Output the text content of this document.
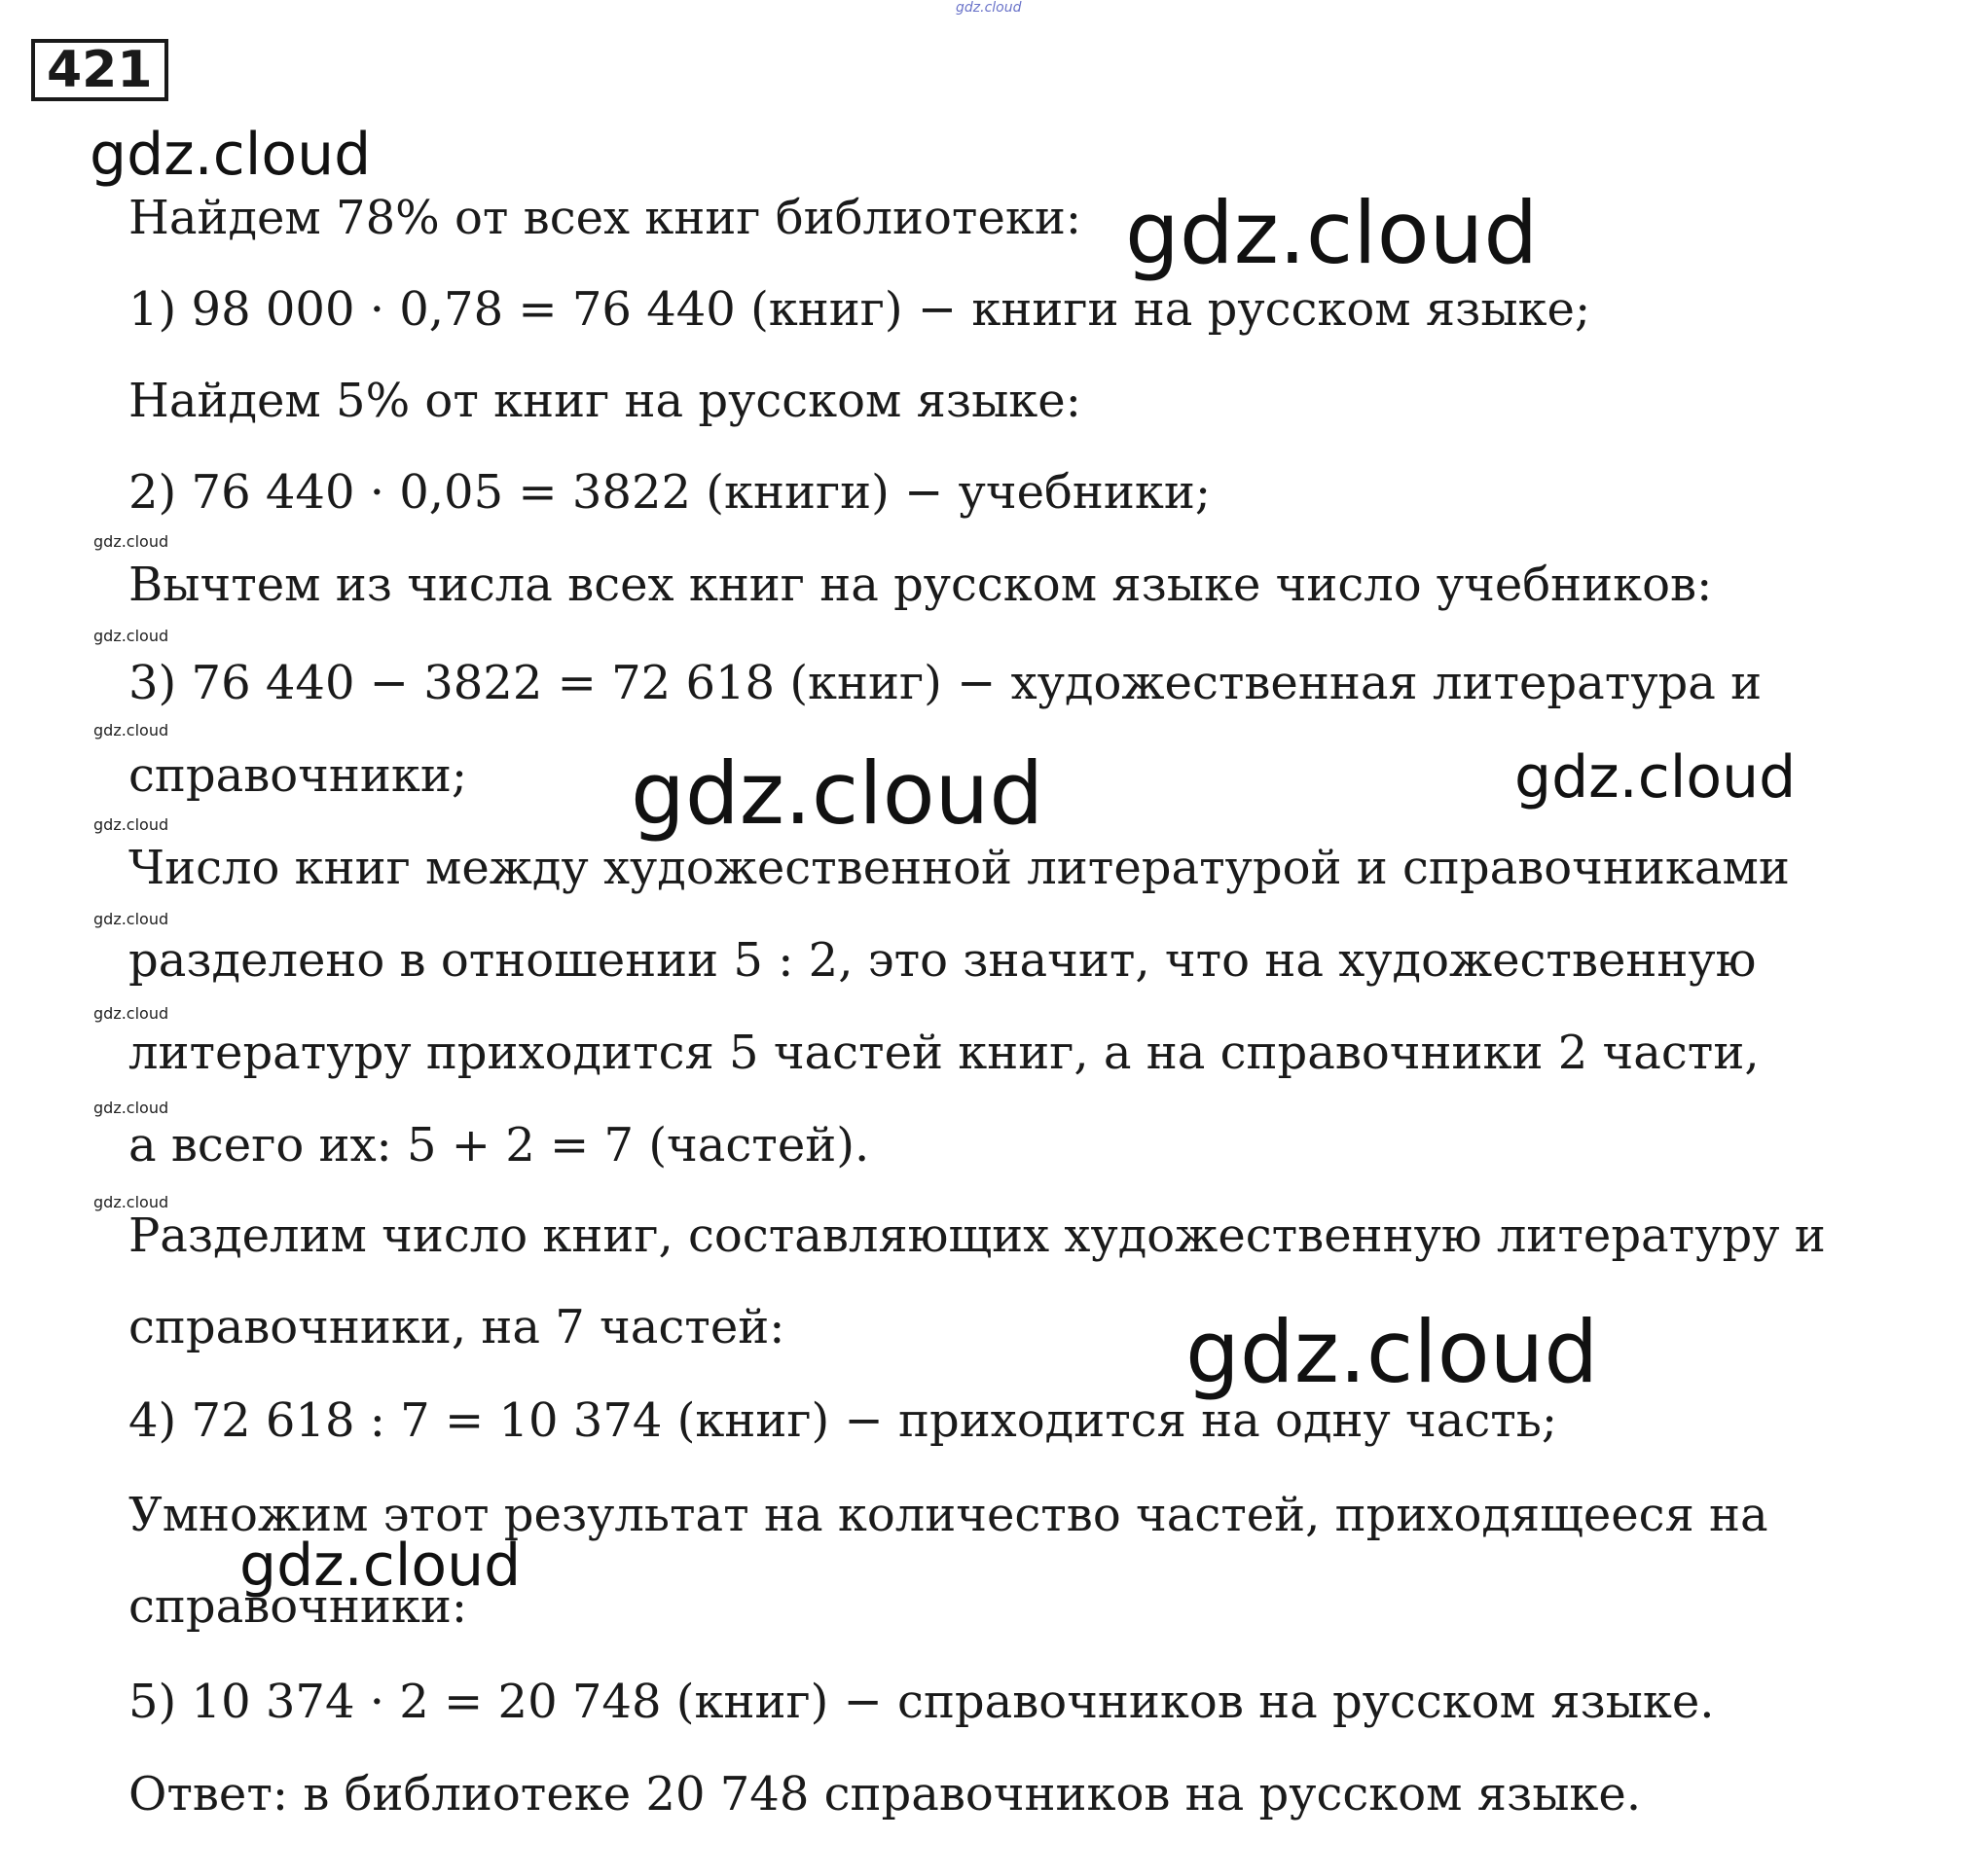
gdz.cloud
421
gdz.cloud
gdz.cloud
gdz.cloud	gdz.cloud
gdz.cloud
gdz.cloud
gdz.cloud
gdz.cloud
gdz.cloud
gdz.cloud
gdz.cloud
gdz.cloud
gdz.cloud
gdz.cloud
Найдем 78% от всех книг библиотеки:
1) 98 000 · 0,78 = 76 440 (книг) − книги на русском языке;
Найдем 5% от книг на русском языке:
2) 76 440 · 0,05 = 3822 (книги) − учебники;
Вычтем из числа всех книг на русском языке число учебников:
3) 76 440 − 3822 = 72 618 (книг) − художественная литература и
справочники;
Число книг между художественной литературой и справочниками
разделено в отношении 5 : 2, это значит, что на художественную
литературу приходится 5 частей книг, а на справочники 2 части,
а всего их: 5 + 2 = 7 (частей).
Разделим число книг, составляющих художественную литературу и
справочники, на 7 частей:
4) 72 618 : 7 = 10 374 (книг) − приходится на одну часть;
Умножим этот результат на количество частей, приходящееся на
справочники:
5) 10 374 · 2 = 20 748 (книг) − справочников на русском языке.
Ответ: в библиотеке 20 748 справочников на русском языке.
